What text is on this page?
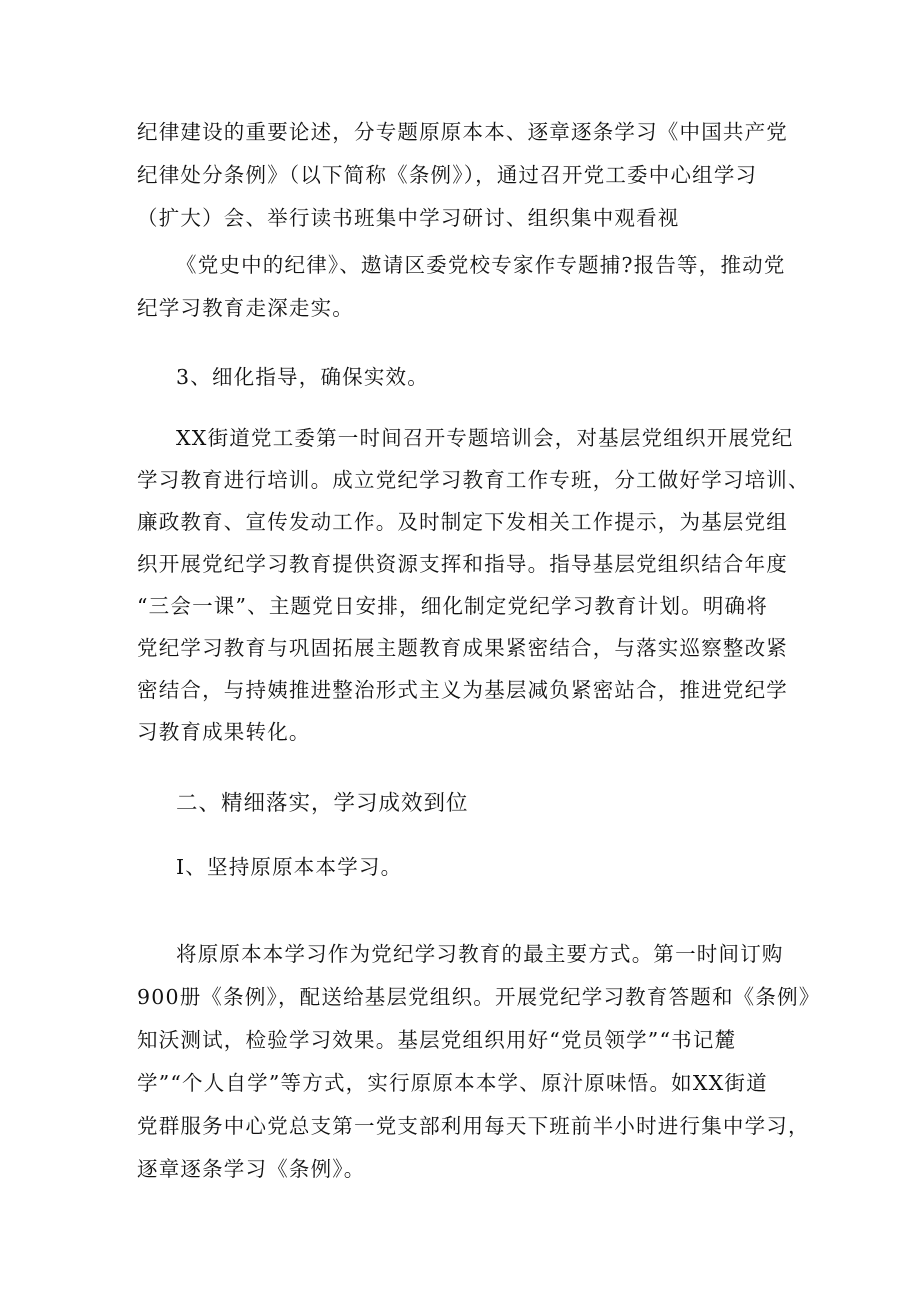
纪律建设的重要论述，分专题原原本本、逐章逐条学习《中国共产党

纪律处分条例》（以下简称《条例》），通过召开党工委中心组学习

（扩大）会、举行读书班集中学习研讨、组织集中观看视

《党史中的纪律》、遨请区委党校专家作专题捕?报告等，推动党

纪学习教育走深走实。

3、细化指导，确保实效。

XX街道党工委第一时间召开专题培训会，对基层党组织开展党纪

学习教育进行培训。成立党纪学习教育工作专班，分工做好学习培训、

廉政教育、宣传发动工作。及时制定下发相关工作提示，为基层党组

织开展党纪学习教育提供资源支挥和指导。指导基层党组织结合年度

“三会一课”、主题党日安排，细化制定党纪学习教育计划。明确将

党纪学习教育与巩固拓展主题教育成果紧密结合，与落实巡察整改紧

密结合，与持姨推进整治形式主义为基层减负紧密站合，推进党纪学

习教育成果转化。

二、精细落实，学习成效到位

I、坚持原原本本学习。

将原原本本学习作为党纪学习教育的最主要方式。第一时间订购

900册《条例》，配送给基层党组织。开展党纪学习教育答题和《条例》

知沃测试，检验学习效果。基层党组织用好“党员领学”“书记麓

学”“个人自学”等方式，实行原原本本学、原汁原味悟。如XX街道

党群服务中心党总支第一党支部利用每天下班前半小时进行集中学习，

逐章逐条学习《条例》。
